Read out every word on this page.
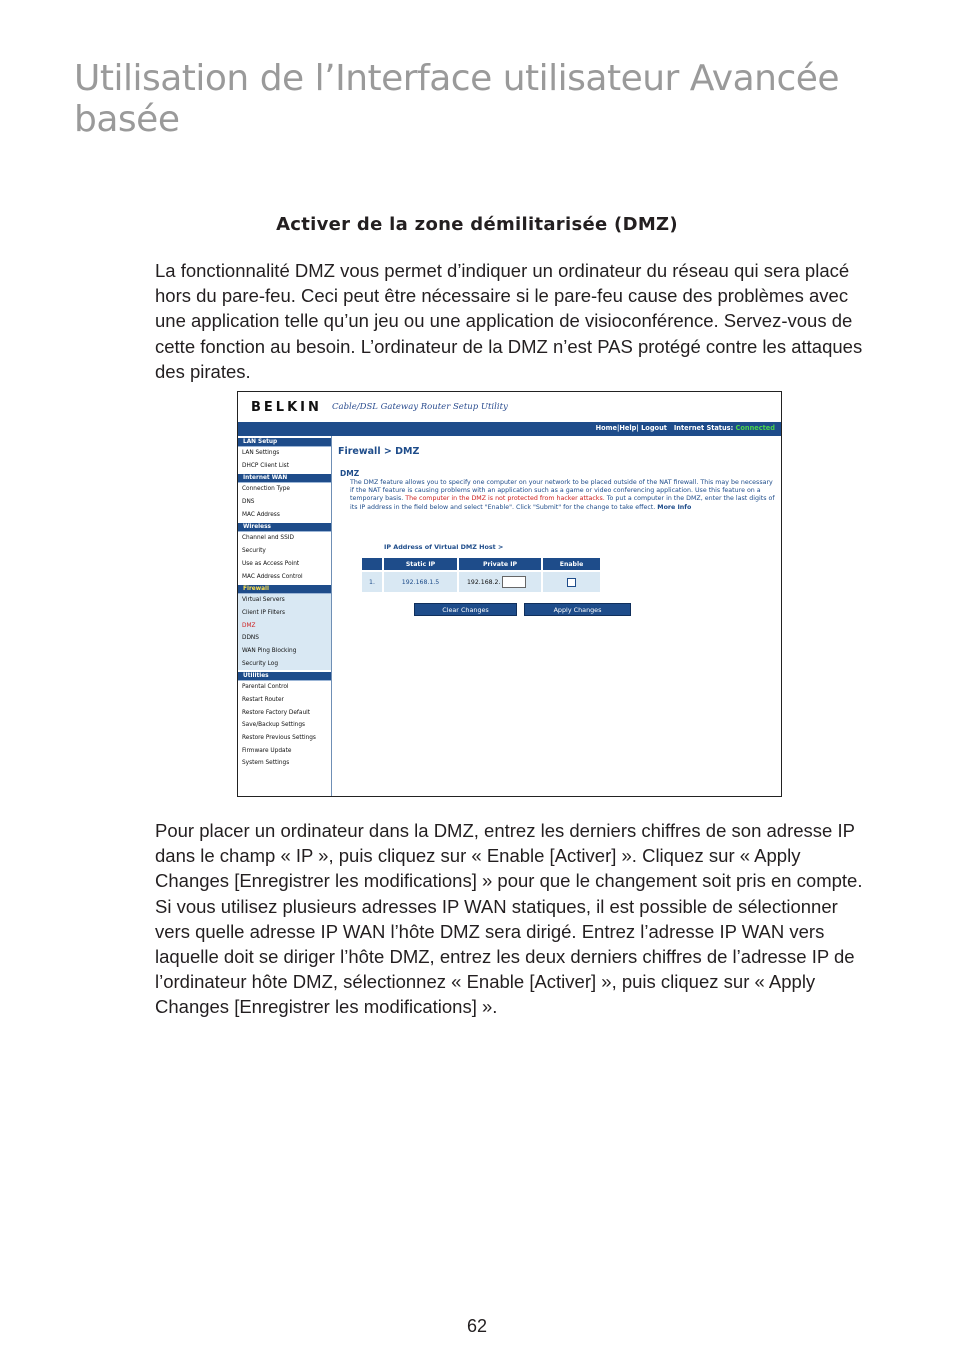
Utilisation de l’Interface utilisateur Avancée basée
Activer de la zone démilitarisée (DMZ)

La fonctionnalité DMZ vous permet d’indiquer un ordinateur du réseau qui sera placé hors du pare-feu. Ceci peut être nécessaire si le pare-feu cause des problèmes avec une application telle qu’un jeu ou une application de visioconférence. Servez-vous de cette fonction au besoin. L’ordinateur de la DMZ n’est PAS protégé contre les attaques des pirates.

BELKIN Cable/DSL Gateway Router Setup Utility
Home|Help| Logout Internet Status: Connected
LAN Setup
LAN Settings
DHCP Client List
Internet WAN
Connection Type
DNS
MAC Address
Wireless
Channel and SSID
Security
Use as Access Point
MAC Address Control
Firewall
Virtual Servers
Client IP Filters
DMZ
DDNS
WAN Ping Blocking
Security Log
Utilities
Parental Control
Restart Router
Restore Factory Default
Save/Backup Settings
Restore Previous Settings
Firmware Update
System Settings
Firewall > DMZ
DMZ
The DMZ feature allows you to specify one computer on your network to be placed outside of the NAT firewall. This may be necessary if the NAT feature is causing problems with an application such as a game or video conferencing application. Use this feature on a temporary basis. The computer in the DMZ is not protected from hacker attacks. To put a computer in the DMZ, enter the last digits of its IP address in the field below and select "Enable". Click "Submit" for the change to take effect. More Info
IP Address of Virtual DMZ Host >
	Static IP	Private IP	Enable
1.	192.168.1.5	192.168.2.	

Clear Changes	Apply Changes

Pour placer un ordinateur dans la DMZ, entrez les derniers chiffres de son adresse IP dans le champ « IP », puis cliquez sur « Enable [Activer] ». Cliquez sur « Apply Changes [Enregistrer les modifications] » pour que le changement soit pris en compte. Si vous utilisez plusieurs adresses IP WAN statiques, il est possible de sélectionner vers quelle adresse IP WAN l’hôte DMZ sera dirigé. Entrez l’adresse IP WAN vers laquelle doit se diriger l’hôte DMZ, entrez les deux derniers chiffres de l’adresse IP de l’ordinateur hôte DMZ, sélectionnez « Enable [Activer] », puis cliquez sur « Apply Changes [Enregistrer les modifications] ».

62
